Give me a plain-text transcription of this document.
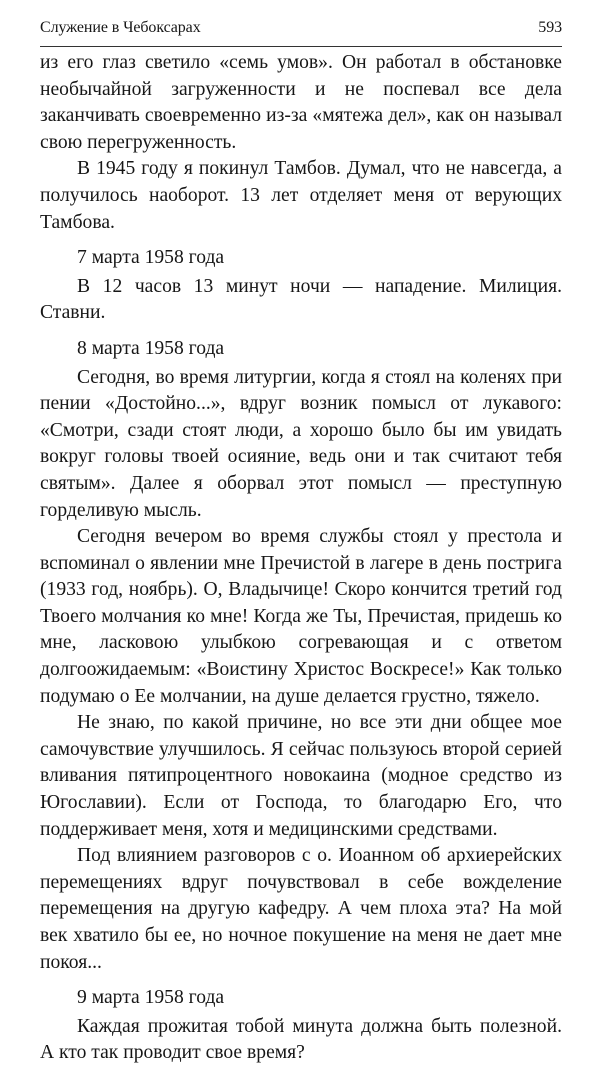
Служение в Чебоксарах	593

из его глаз светило «семь умов». Он работал в обстановке необычайной загруженности и не поспевал все дела заканчивать своевременно из-за «мятежа дел», как он называл свою перегруженность.

В 1945 году я покинул Тамбов. Думал, что не навсегда, а получилось наоборот. 13 лет отделяет меня от верующих Тамбова.

7 марта 1958 года

В 12 часов 13 минут ночи — нападение. Милиция. Ставни.

8 марта 1958 года

Сегодня, во время литургии, когда я стоял на коленях при пении «Достойно...», вдруг возник помысл от лукавого: «Смотри, сзади стоят люди, а хорошо было бы им увидать вокруг головы твоей осияние, ведь они и так считают тебя святым». Далее я оборвал этот помысл — преступную горделивую мысль.

Сегодня вечером во время службы стоял у престола и вспоминал о явлении мне Пречистой в лагере в день пострига (1933 год, ноябрь). О, Владычице! Скоро кончится третий год Твоего молчания ко мне! Когда же Ты, Пречистая, придешь ко мне, ласковою улыбкою согревающая и с ответом долгоожидаемым: «Воистину Христос Воскресе!» Как только подумаю о Ее молчании, на душе делается грустно, тяжело.

Не знаю, по какой причине, но все эти дни общее мое самочувствие улучшилось. Я сейчас пользуюсь второй серией вливания пятипроцентного новокаина (модное средство из Югославии). Если от Господа, то благодарю Его, что поддерживает меня, хотя и медицинскими средствами.

Под влиянием разговоров с о. Иоанном об архиерейских перемещениях вдруг почувствовал в себе вожделение перемещения на другую кафедру. А чем плоха эта? На мой век хватило бы ее, но ночное покушение на меня не дает мне покоя...

9 марта 1958 года

Каждая прожитая тобой минута должна быть полезной. А кто так проводит свое время?
